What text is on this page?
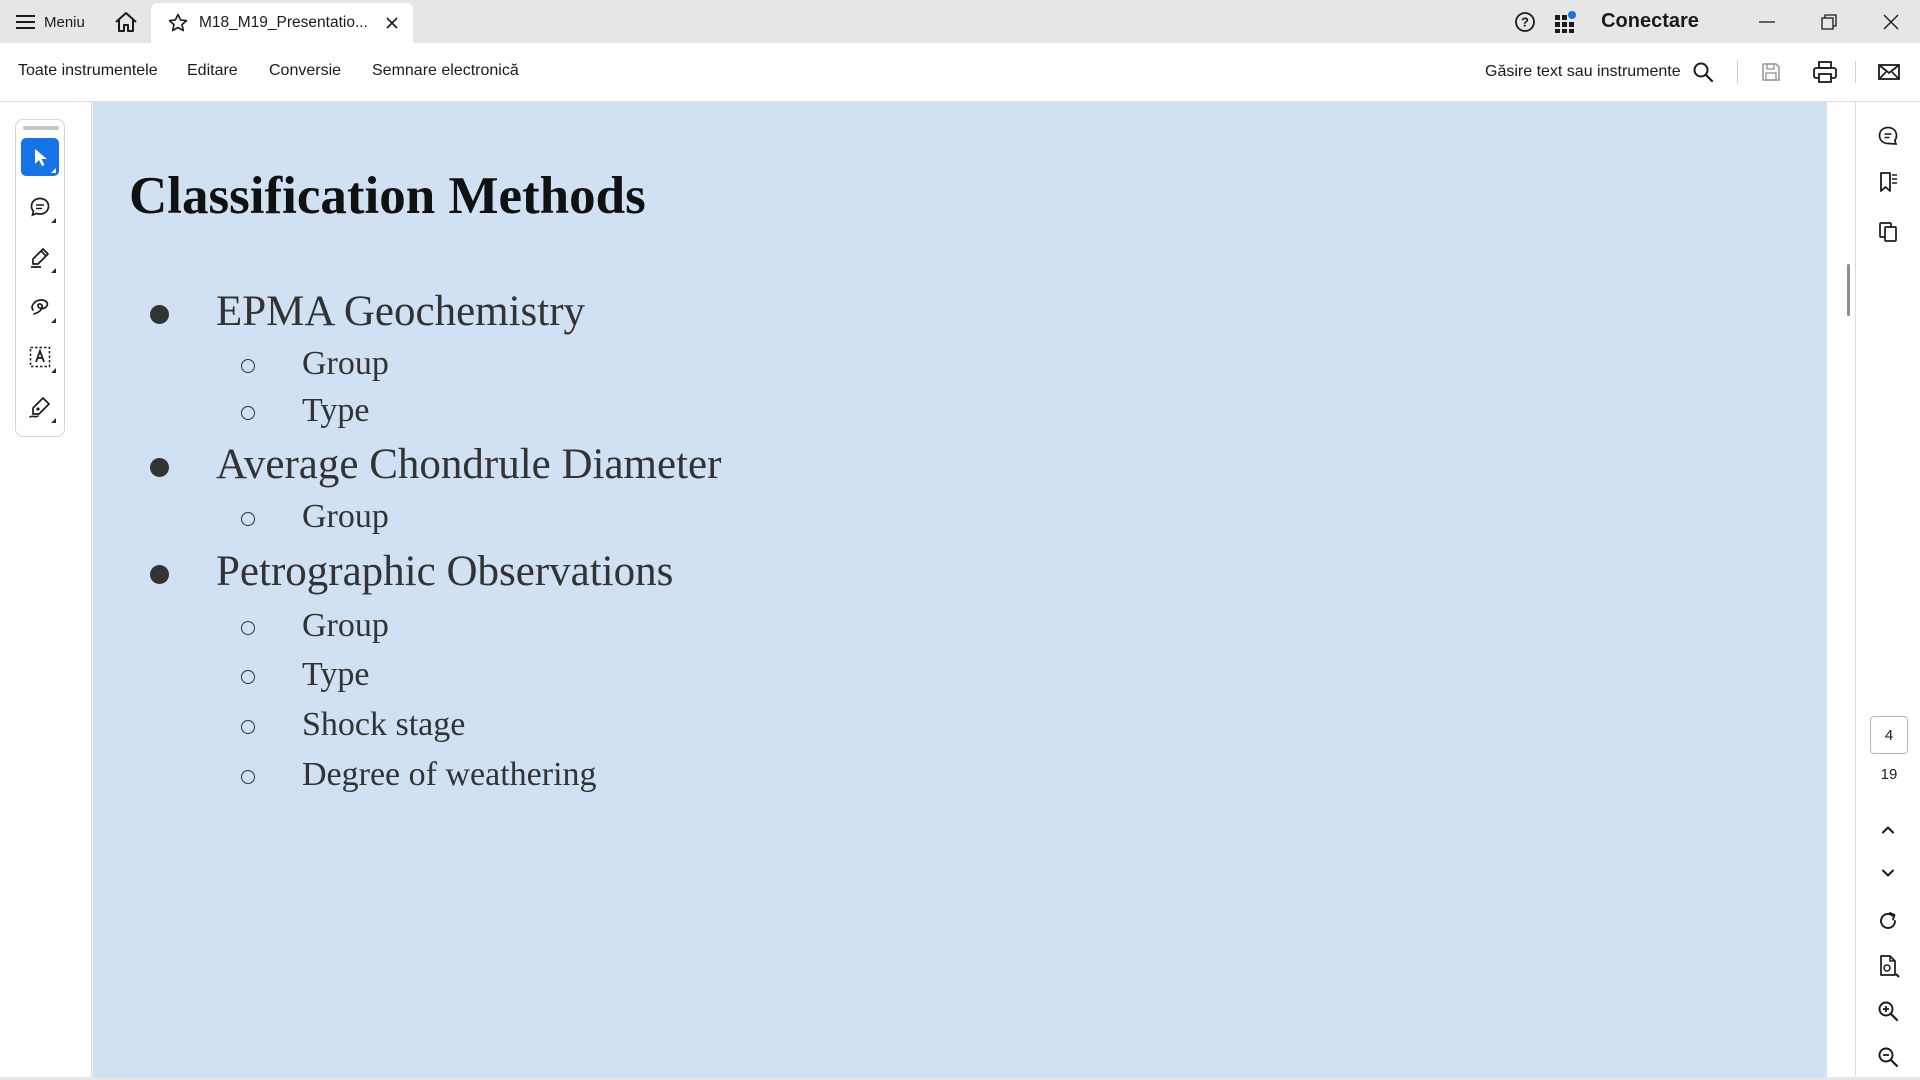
Meniu	M18_M19_Presentatio...	?	Conectare
Toate instrumentele Editare Conversie Semnare electronică	Găsire text sau instrumente
Classification Methods
EPMA Geochemistry
Group
Type
Average Chondrule Diameter
Group
Petrographic Observations
Group
Type
Shock stage
Degree of weathering
4
19
